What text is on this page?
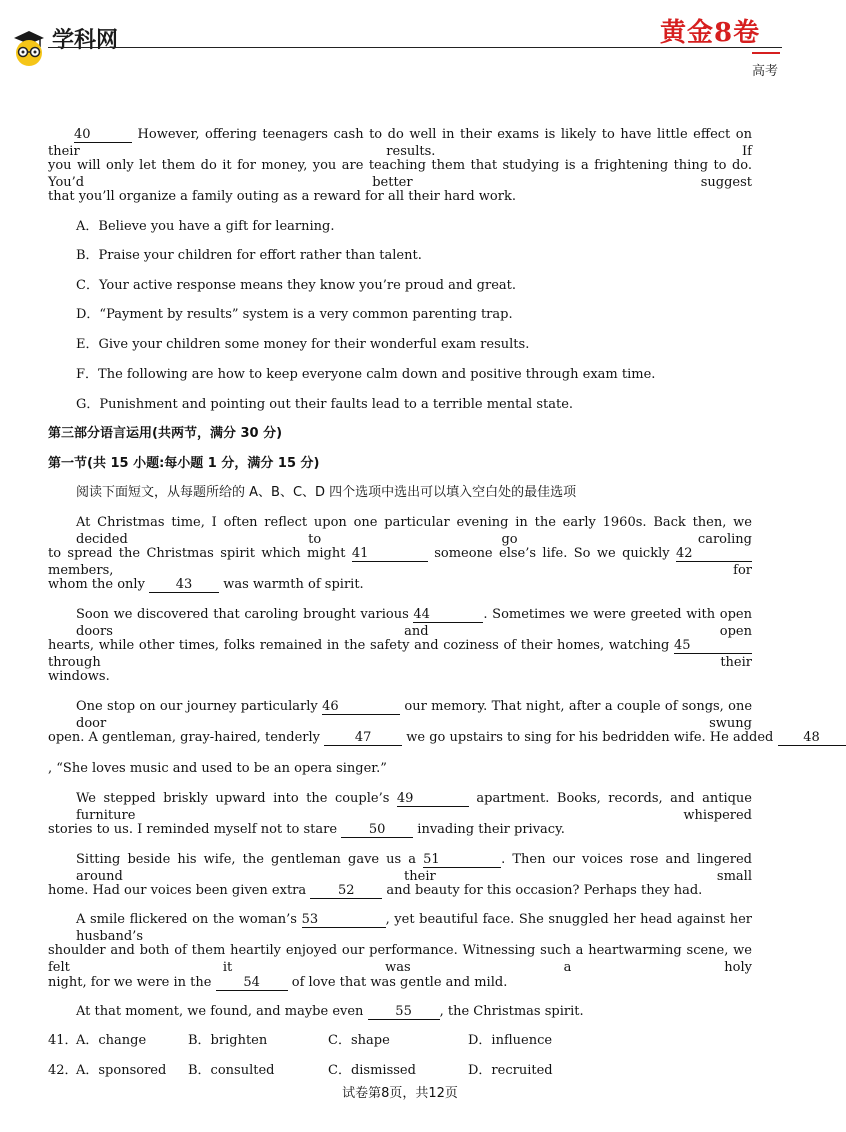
学科网	黄金8卷
高考
40	However, offering teenagers cash to do well in their exams is likely to have little effect on their results. If
you will only let them do it for money, you are teaching them that studying is a frightening thing to do. You’d better suggest
that you’ll organize a family outing as a reward for all their hard work.
A．Believe you have a gift for learning.
B．Praise your children for effort rather than talent.
C．Your active response means they know you’re proud and great.
D．“Payment by results” system is a very common parenting trap.
E．Give your children some money for their wonderful exam results.
F．The following are how to keep everyone calm down and positive through exam time.
G．Punishment and pointing out their faults lead to a terrible mental state.
第三部分语言运用(共两节，满分 30 分)
第一节(共 15 小题:每小题 1 分，满分 15 分)
阅读下面短文，从每题所给的 A、B、C、D 四个选项中选出可以填入空白处的最佳选项
At Christmas time, I often reflect upon one particular evening in the early 1960s. Back then, we decided to go caroling
to spread the Christmas spirit which might 41	someone else’s life. So we quickly 42 members, for
whom the only 43 was warmth of spirit.
Soon we discovered that caroling brought various 44	. Sometimes we were greeted with open doors and open
hearts, while other times, folks remained in the safety and coziness of their homes, watching 45 through their
windows.
One stop on our journey particularly 46	our memory. That night, after a couple of songs, one door swung
open. A gentleman, gray-haired, tenderly	47	we go upstairs to sing for his bedridden wife. He added 48
, “She loves music and used to be an opera singer.”
We stepped briskly upward into the couple’s 49	apartment. Books, records, and antique furniture whispered
stories to us. I reminded myself not to stare 50 invading their privacy.
Sitting beside his wife, the gentleman gave us a 51	. Then our voices rose and lingered around their small
home. Had our voices been given extra 52 and beauty for this occasion? Perhaps they had.
A smile flickered on the woman’s 53	, yet beautiful face. She snuggled her head against her husband’s
shoulder and both of them heartily enjoyed our performance. Witnessing such a heartwarming scene, we felt it was a holy
night, for we were in the 54 of love that was gentle and mild.
At that moment, we found, and maybe even 55 , the Christmas spirit.
41．
A．change	B．brighten	C．shape	D．influence
42．
A．sponsored B．consulted	C．dismissed	D．recruited
试卷第8页，共12页
